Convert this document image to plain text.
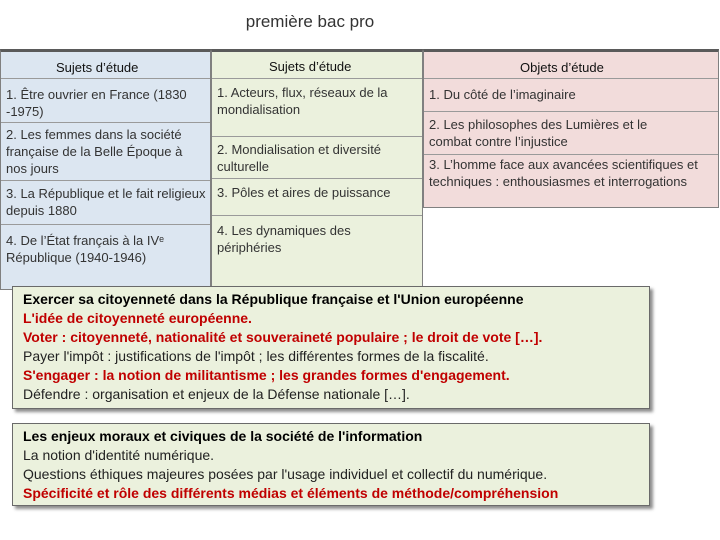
première bac pro
Sujets d’étude
1. Être ouvrier en France (1830 -1975)
2. Les femmes dans la société française de la Belle Époque à nos jours
3. La République et le fait religieux depuis 1880
4. De l’État français à la IVᵉ République (1940-1946)
Sujets d’étude
1. Acteurs, flux, réseaux de la mondialisation
2. Mondialisation et diversité culturelle
3. Pôles et aires de puissance
4. Les dynamiques des périphéries
Objets d’étude
1. Du côté de l’imaginaire
2. Les philosophes des Lumières et le combat contre l’injustice
3. L’homme face aux avancées scientifiques et techniques : enthousiasmes et interrogations
Exercer sa citoyenneté dans la République française et l'Union européenne
L'idée de citoyenneté européenne.
Voter : citoyenneté, nationalité et souveraineté populaire ; le droit de vote […].
Payer l'impôt : justifications de l'impôt ; les différentes formes de la fiscalité.
S'engager : la notion de militantisme ; les grandes formes d'engagement.
Défendre : organisation et enjeux de la Défense nationale […].
Les enjeux moraux et civiques de la société de l'information
La notion d'identité numérique.
Questions éthiques majeures posées par l'usage individuel et collectif du numérique.
Spécificité et rôle des différents médias et éléments de méthode/compréhension
